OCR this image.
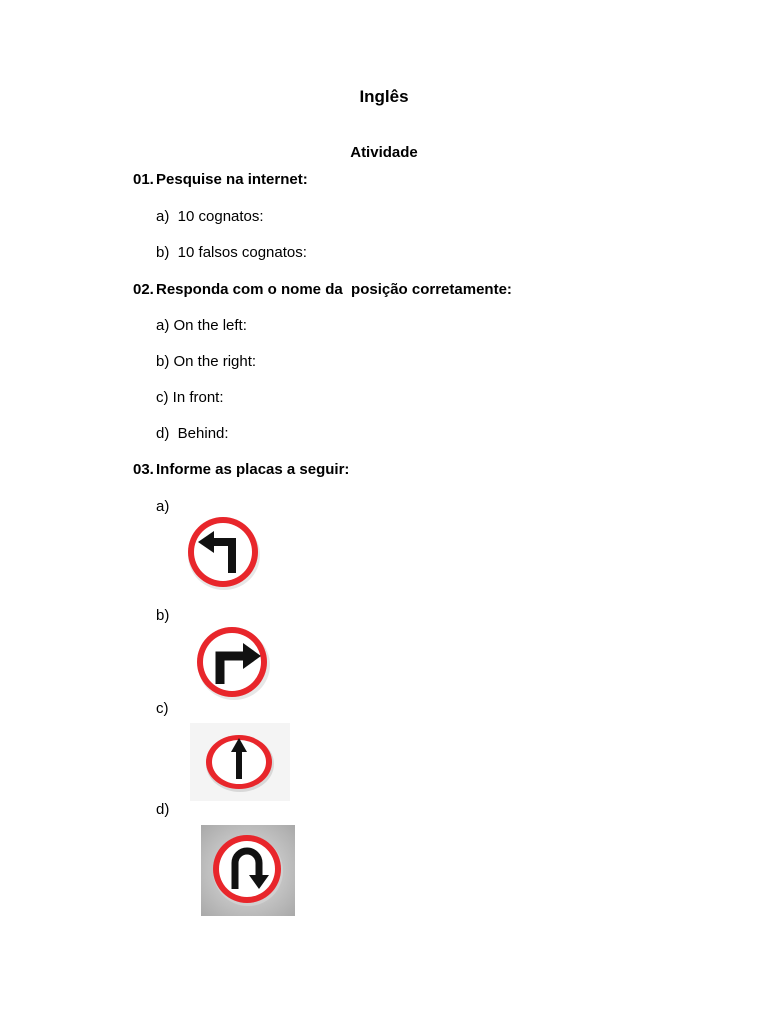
Inglês
Atividade
01. Pesquise na internet:
a)  10 cognatos:
b)  10 falsos cognatos:
02. Responda com o nome da  posição corretamente:
a) On the left:
b) On the right:
c) In front:
d)  Behind:
03. Informe as placas a seguir:
a)
b)
c)
d)
